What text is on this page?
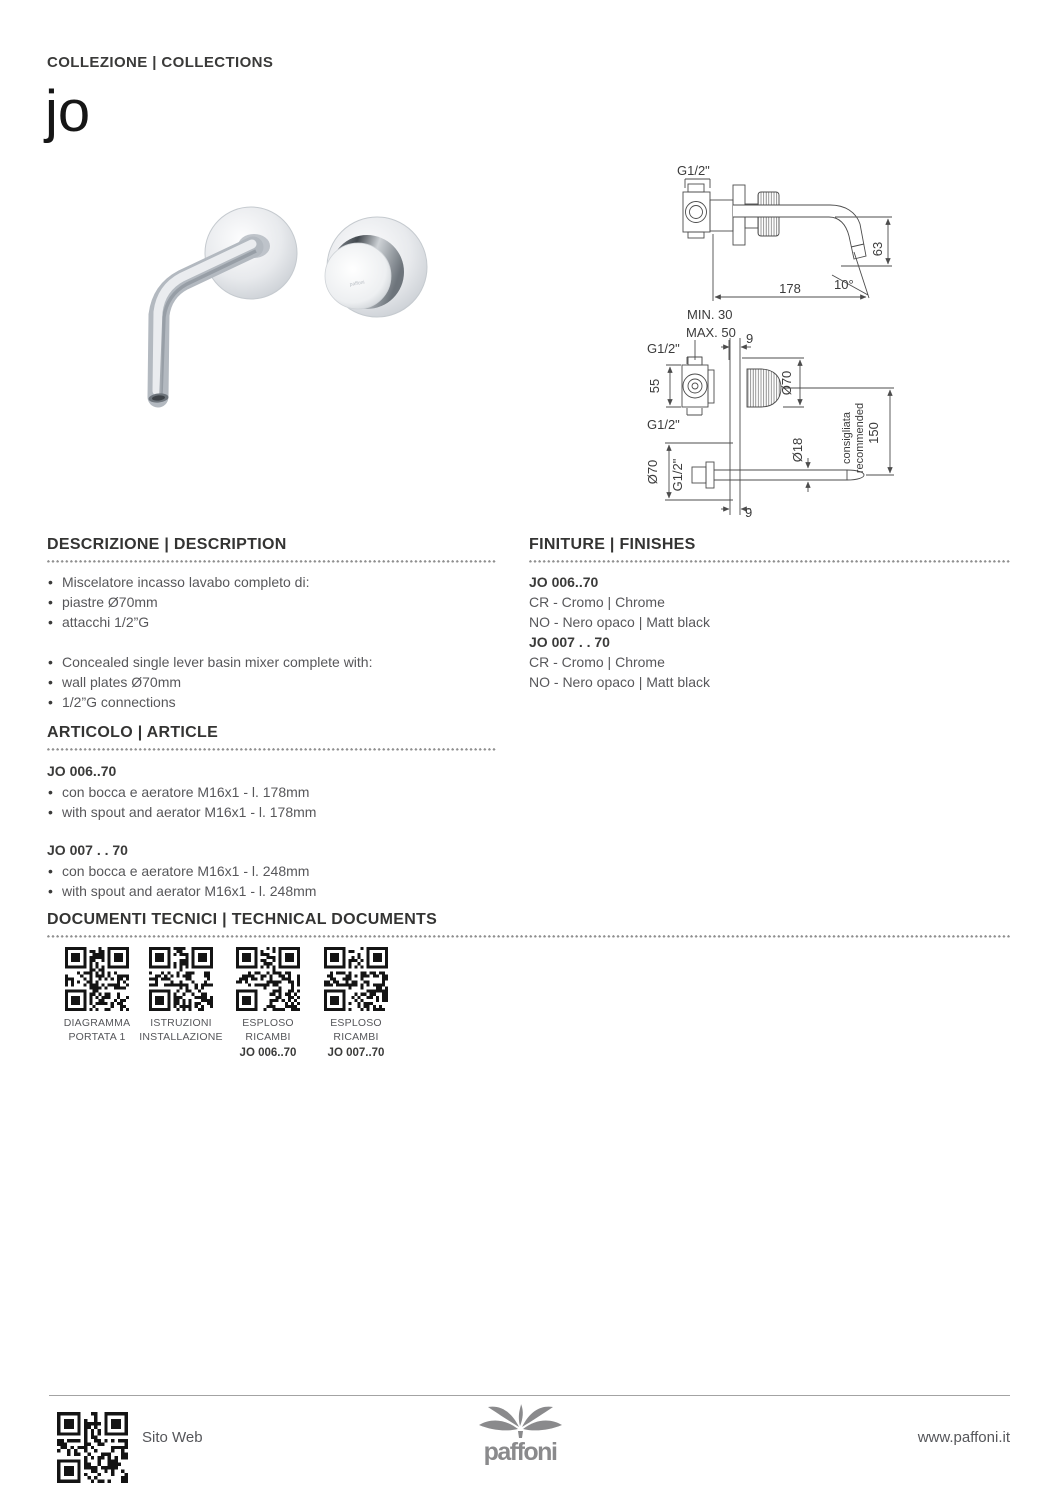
COLLEZIONE | COLLECTIONS
jo
paffoni
G1/2"
63
10°
178
MIN. 30
MAX. 50 9
G1/2"
55
G1/2"
Ø70
Ø70 G1/2"
Ø18	consigliata recommended 150
9
DESCRIZIONE | DESCRIPTION
• Miscelatore incasso lavabo completo di:
• piastre Ø70mm
• attacchi 1/2”G
• Concealed single lever basin mixer complete with:
• wall plates Ø70mm
• 1/2”G connections
FINITURE | FINISHES
JO 006..70
CR - Cromo | Chrome
NO - Nero opaco | Matt black
JO 007 . . 70
CR - Cromo | Chrome
NO - Nero opaco | Matt black
ARTICOLO | ARTICLE
JO 006..70
• con bocca e aeratore M16x1 - l. 178mm
• with spout and aerator M16x1 - l. 178mm
JO 007 . . 70
• con bocca e aeratore M16x1 - l. 248mm
• with spout and aerator M16x1 - l. 248mm
DOCUMENTI TECNICI | TECHNICAL DOCUMENTS
DIAGRAMMA
PORTATA 1
ISTRUZIONI
INSTALLAZIONE
ESPLOSO
RICAMBI
JO 006..70
ESPLOSO
RICAMBI
JO 007..70
Sito Web
paffoni
www.paffoni.it
